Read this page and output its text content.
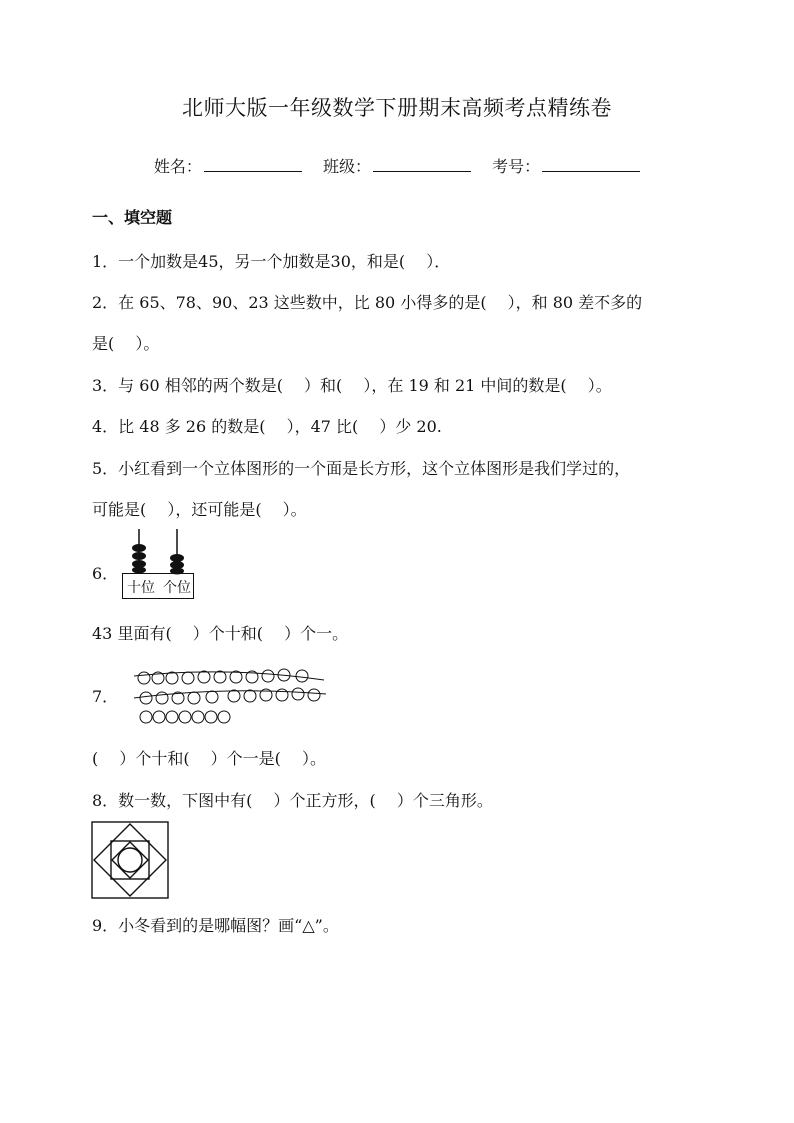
北师大版一年级数学下册期末高频考点精练卷
姓名：	班级：	考号：
一、填空题
1．一个加数是45，另一个加数是30，和是(　 ）．
2．在 65、78、90、23 这些数中，比 80 小得多的是(　 ），和 80 差不多的
是(　 ）。
3．与 60 相邻的两个数是(　 ）和(　 ），在 19 和 21 中间的数是(　 ）。
4．比 48 多 26 的数是(　 ），47 比(　 ）少 20.
5．小红看到一个立体图形的一个面是长方形，这个立体图形是我们学过的，
可能是(　 ），还可能是(　 ）。
6．
十位 个位
43 里面有(　 ）个十和(　 ）个一。
7．
(　 ）个十和(　 ）个一是(　 ）。
8．数一数，下图中有(　 ）个正方形，(　 ）个三角形。
9．小冬看到的是哪幅图？画“△”。
